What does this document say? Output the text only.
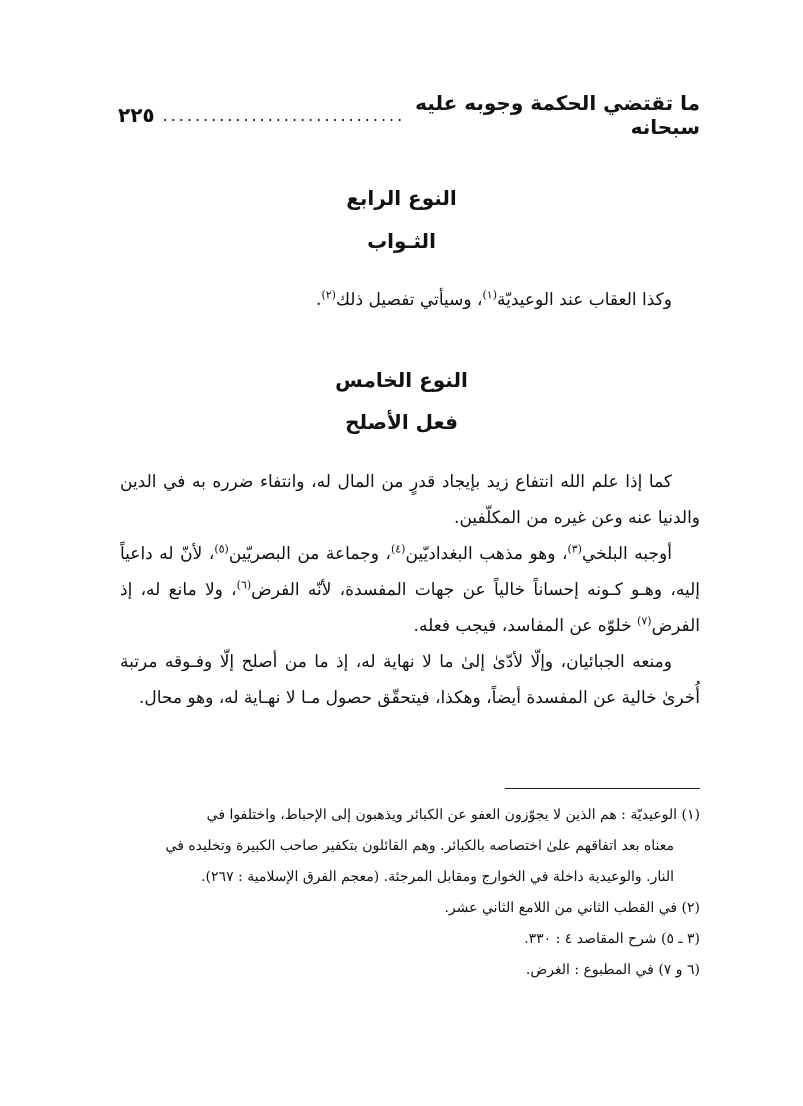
ما تقتضي الحكمة وجوبه عليه سبحانه
..............................
٢٢٥
النوع الرابع
الثـواب

وكذا العقاب عند الوعيديّة$^{(١)}$، وسيأتي تفصيل ذلك$^{(٢)}$.

النوع الخامس
فعل الأصلح

كما إذا علم الله انتفاع زيد بإيجاد قدرٍ من المال له، وانتفاء ضرره به في الدين والدنيا عنه وعن غيره من المكلّفين.

أوجبه البلخي$^{(٣)}$، وهو مذهب البغداديّين$^{(٤)}$، وجماعة من البصريّين$^{(٥)}$، لأنّ له داعياً إليه، وهـو كـونه إحساناً خالياً عن جهات المفسدة، لأنّه الفرض$^{(٦)}$، ولا مانع له، إذ الفرض$^{(٧)}$ خلوّه عن المفاسد، فيجب فعله.

ومنعه الجبائيان، وإلّا لأدّىٰ إلىٰ ما لا نهاية له، إذ ما من أصلح إلّا وفـوقه مرتبة أُخرىٰ خالية عن المفسدة أيضاً، وهكذا، فيتحقّق حصول مـا لا نهـاية له، وهو محال.

(١) الوعيديّة : هم الذين لا يجوّزون العفو عن الكبائر ويذهبون إلى الإحباط، واختلفوا في

معناه بعد اتفاقهم علىٰ اختصاصه بالكبائر. وهم القائلون بتكفير صاحب الكبيرة وتخليده في

النار. والوعيدية داخلة في الخوارج ومقابل المرجئة. (معجم الفرق الإسلامية : ٢٦٧).

(٢) في القطب الثاني من اللامع الثاني عشر.

(٣ ـ ٥) شرح المقاصد ٤ : ٣٣٠.

(٦ و ٧) في المطبوع : الغرض.
